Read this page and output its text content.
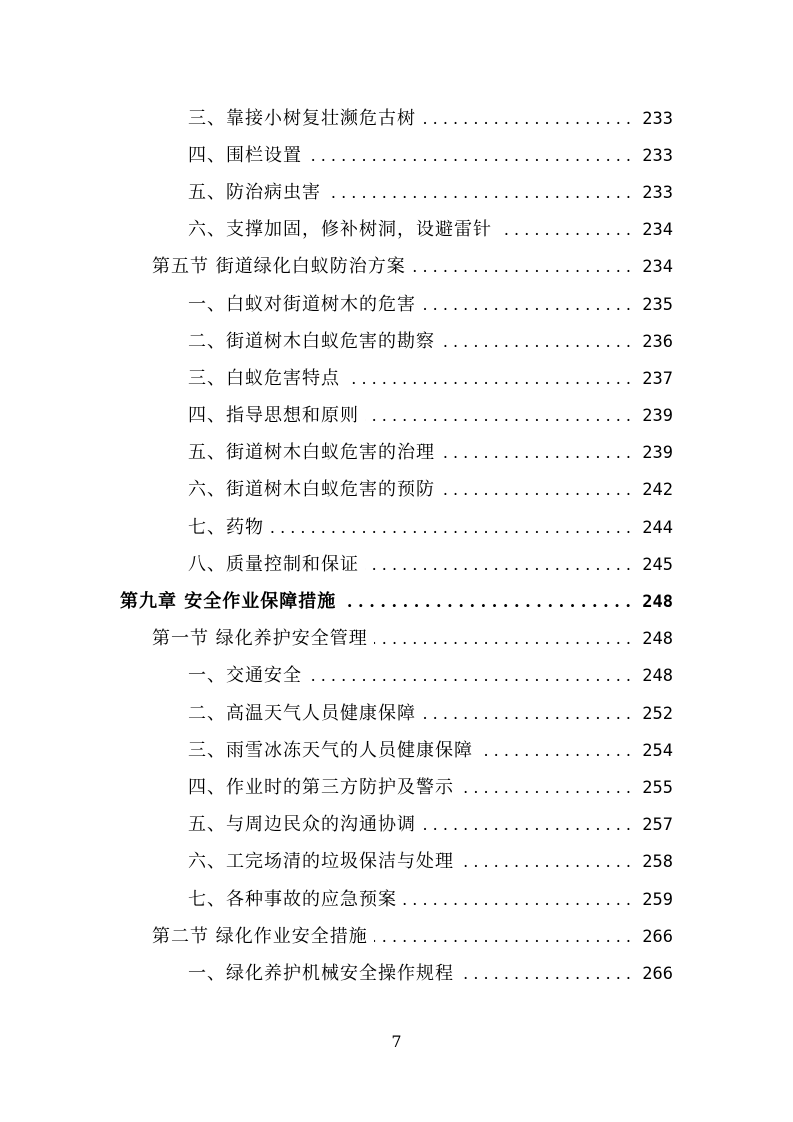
三、靠接小树复壮濒危古树 . . .	233
四、围栏设置 . . .	233
五、防治病虫害 . . .	233
六、支撑加固，修补树洞，设避雷针 . . .	234
第五节 街道绿化白蚁防治方案 . . .	234
一、白蚁对街道树木的危害 . . .	235
二、街道树木白蚁危害的勘察 . . .	236
三、白蚁危害特点 . . .	237
四、指导思想和原则 . . .	239
五、街道树木白蚁危害的治理 . . .	239
六、街道树木白蚁危害的预防 . . .	242
七、药物 . . .	244
八、质量控制和保证 . . .	245
第九章 安全作业保障措施 . . .	248
第一节 绿化养护安全管理 . . .	248
一、交通安全 . . .	248
二、高温天气人员健康保障 . . .	252
三、雨雪冰冻天气的人员健康保障 . . .	254
四、作业时的第三方防护及警示 . . .	255
五、与周边民众的沟通协调 . . .	257
六、工完场清的垃圾保洁与处理 . . .	258
七、各种事故的应急预案 . . .	259
第二节 绿化作业安全措施 . . .	266
一、绿化养护机械安全操作规程 . . .	266
7
